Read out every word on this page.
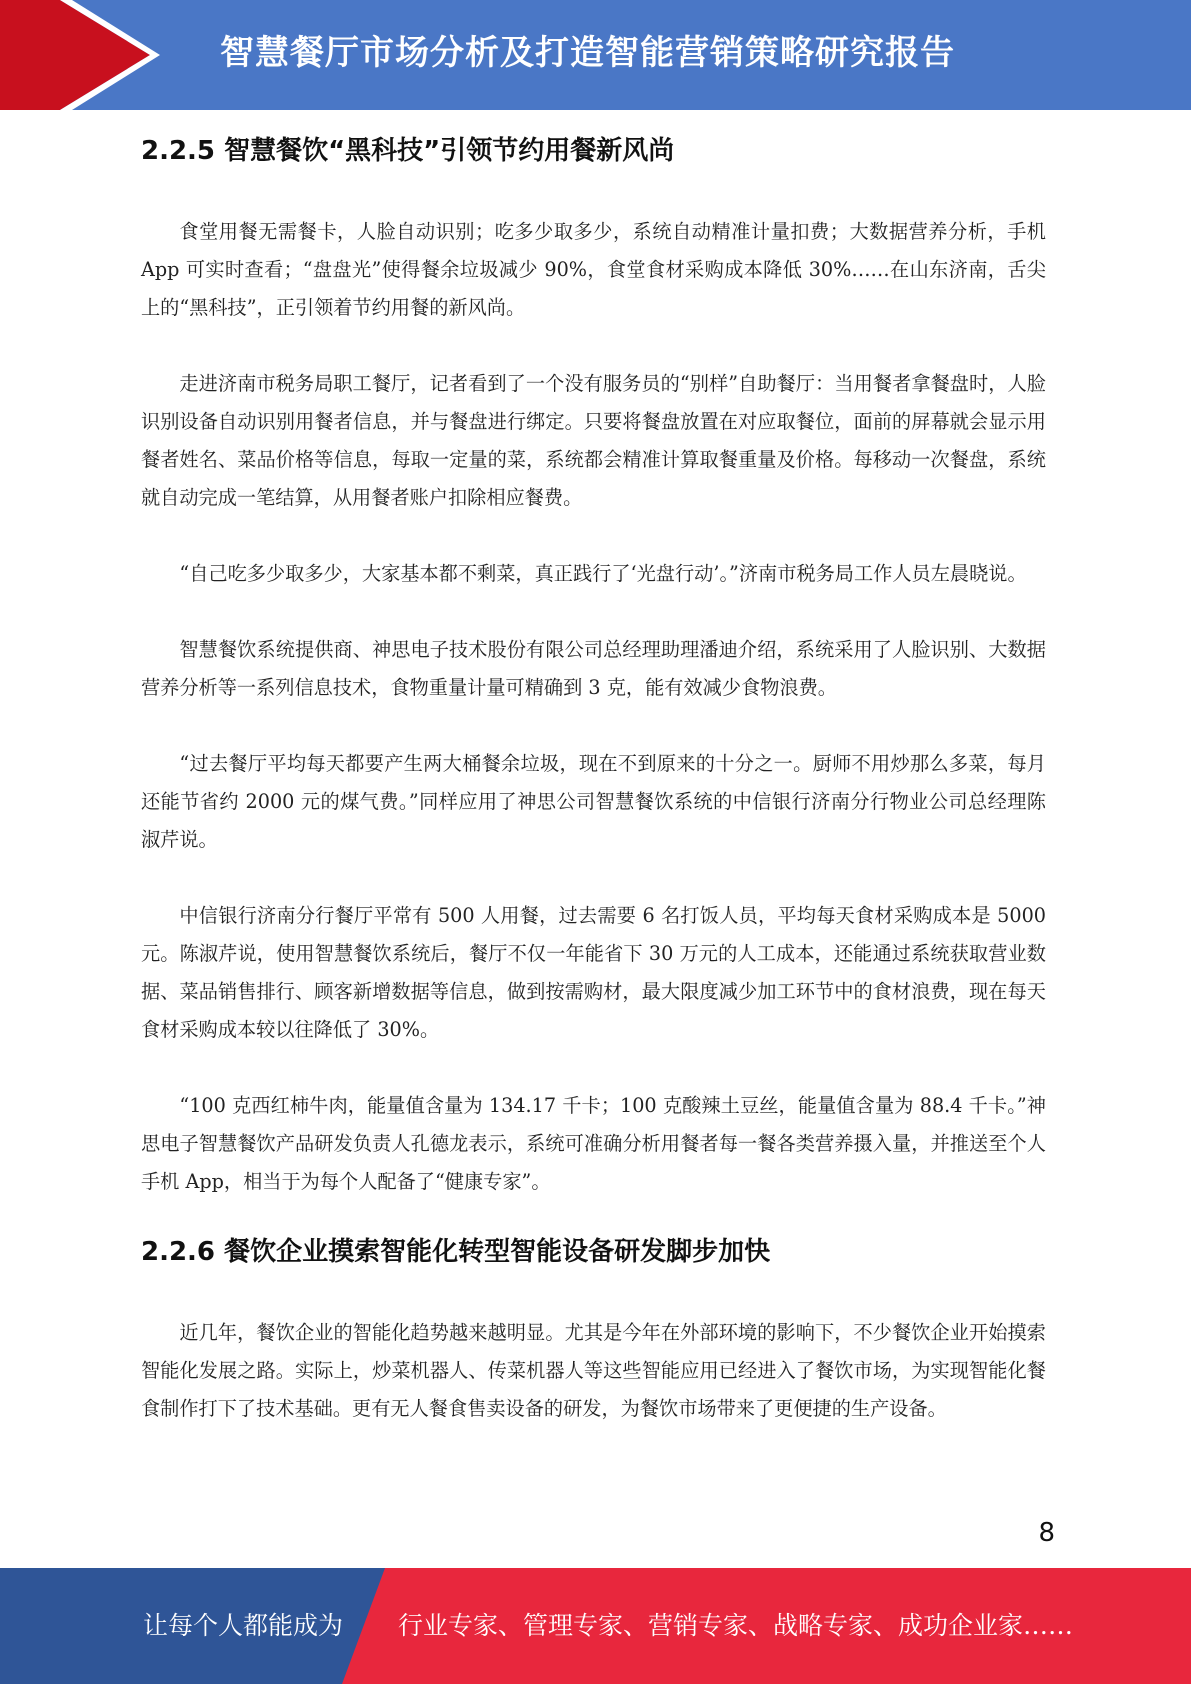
智慧餐厅市场分析及打造智能营销策略研究报告
2.2.5 智慧餐饮“黑科技”引领节约用餐新风尚

食堂用餐无需餐卡，人脸自动识别；吃多少取多少，系统自动精准计量扣费；大数据营养分析，手机 App 可实时查看；“盘盘光”使得餐余垃圾减少 90%，食堂食材采购成本降低 30%……在山东济南，舌尖上的“黑科技”，正引领着节约用餐的新风尚。

走进济南市税务局职工餐厅，记者看到了一个没有服务员的“别样”自助餐厅：当用餐者拿餐盘时，人脸识别设备自动识别用餐者信息，并与餐盘进行绑定。只要将餐盘放置在对应取餐位，面前的屏幕就会显示用餐者姓名、菜品价格等信息，每取一定量的菜，系统都会精准计算取餐重量及价格。每移动一次餐盘，系统就自动完成一笔结算，从用餐者账户扣除相应餐费。

“自己吃多少取多少，大家基本都不剩菜，真正践行了‘光盘行动’。”济南市税务局工作人员左晨晓说。

智慧餐饮系统提供商、神思电子技术股份有限公司总经理助理潘迪介绍，系统采用了人脸识别、大数据营养分析等一系列信息技术，食物重量计量可精确到 3 克，能有效减少食物浪费。

“过去餐厅平均每天都要产生两大桶餐余垃圾，现在不到原来的十分之一。厨师不用炒那么多菜，每月还能节省约 2000 元的煤气费。”同样应用了神思公司智慧餐饮系统的中信银行济南分行物业公司总经理陈淑芹说。

中信银行济南分行餐厅平常有 500 人用餐，过去需要 6 名打饭人员，平均每天食材采购成本是 5000 元。陈淑芹说，使用智慧餐饮系统后，餐厅不仅一年能省下 30 万元的人工成本，还能通过系统获取营业数据、菜品销售排行、顾客新增数据等信息，做到按需购材，最大限度减少加工环节中的食材浪费，现在每天食材采购成本较以往降低了 30%。

“100 克西红柿牛肉，能量值含量为 134.17 千卡；100 克酸辣土豆丝，能量值含量为 88.4 千卡。”神思电子智慧餐饮产品研发负责人孔德龙表示，系统可准确分析用餐者每一餐各类营养摄入量，并推送至个人手机 App，相当于为每个人配备了“健康专家”。

2.2.6 餐饮企业摸索智能化转型智能设备研发脚步加快

近几年，餐饮企业的智能化趋势越来越明显。尤其是今年在外部环境的影响下，不少餐饮企业开始摸索智能化发展之路。实际上，炒菜机器人、传菜机器人等这些智能应用已经进入了餐饮市场，为实现智能化餐食制作打下了技术基础。更有无人餐食售卖设备的研发，为餐饮市场带来了更便捷的生产设备。

8
让每个人都能成为 行业专家、管理专家、营销专家、战略专家、成功企业家……
